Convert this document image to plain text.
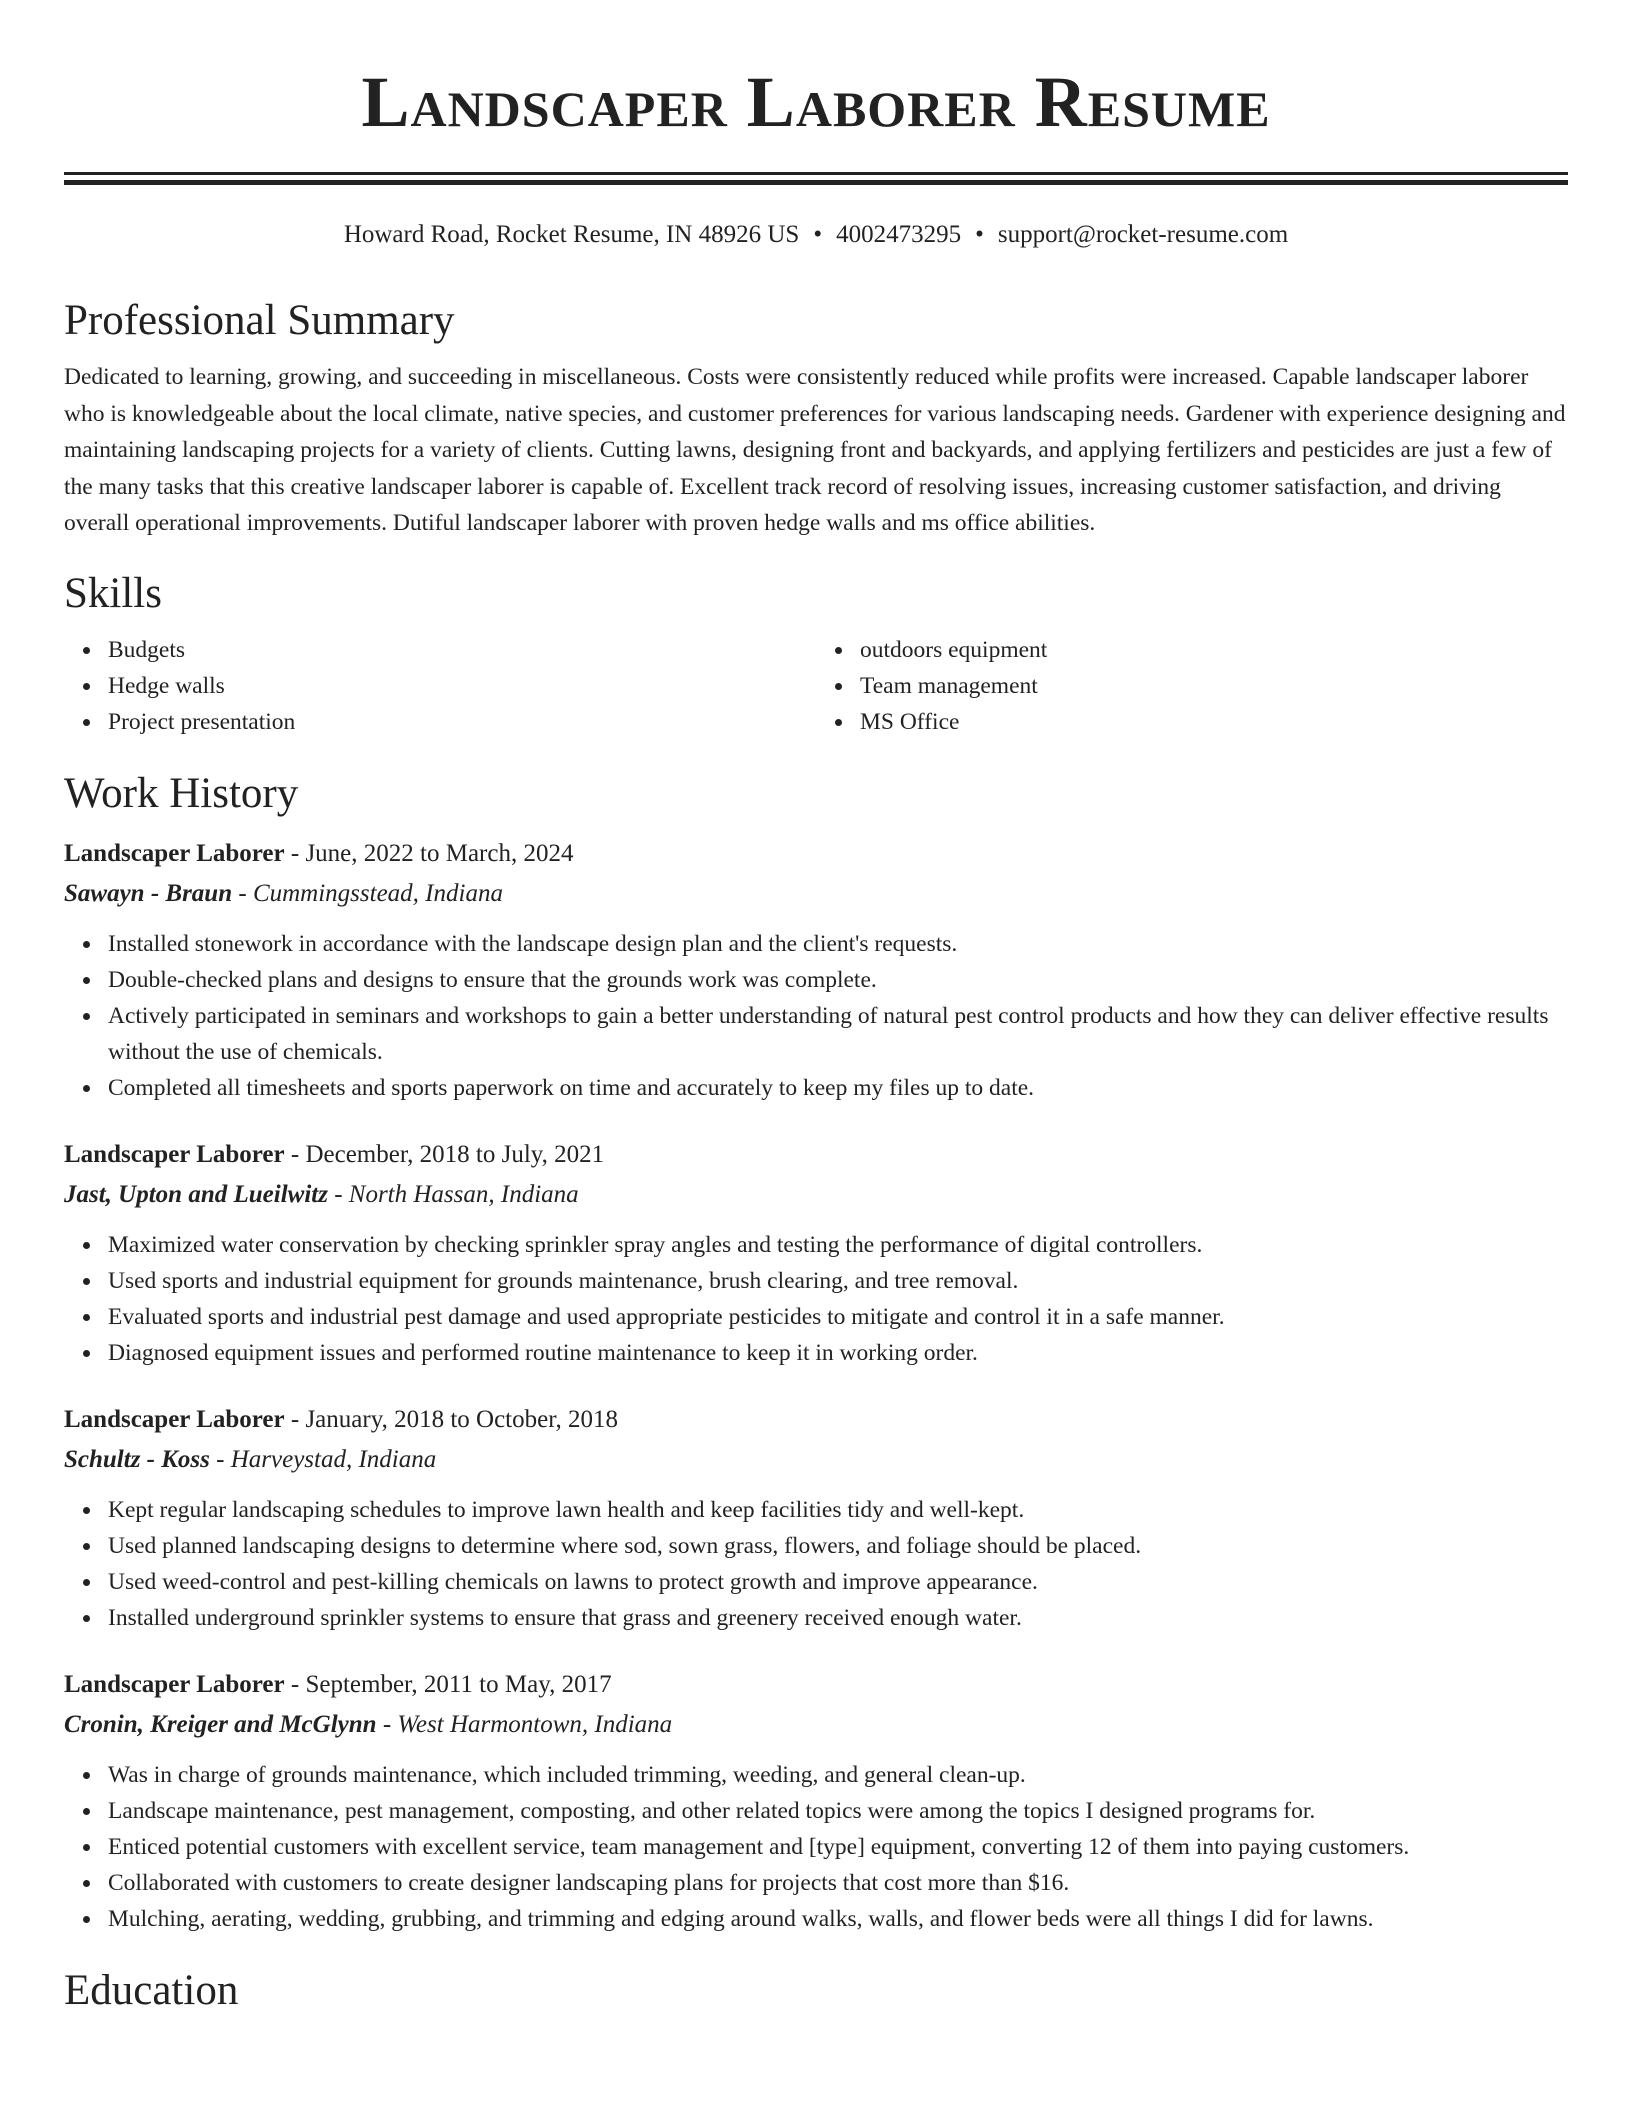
Landscaper Laborer Resume
Howard Road, Rocket Resume, IN 48926 US • 4002473295 • support@rocket-resume.com
Professional Summary

Dedicated to learning, growing, and succeeding in miscellaneous. Costs were consistently reduced while profits were increased. Capable landscaper laborer who is knowledgeable about the local climate, native species, and customer preferences for various landscaping needs. Gardener with experience designing and maintaining landscaping projects for a variety of clients. Cutting lawns, designing front and backyards, and applying fertilizers and pesticides are just a few of the many tasks that this creative landscaper laborer is capable of. Excellent track record of resolving issues, increasing customer satisfaction, and driving overall operational improvements. Dutiful landscaper laborer with proven hedge walls and ms office abilities.

Skills
Budgets
Hedge walls
Project presentation
outdoors equipment
Team management
MS Office
Work History
Landscaper Laborer - June, 2022 to March, 2024
Sawayn - Braun - Cummingsstead, Indiana
Installed stonework in accordance with the landscape design plan and the client's requests.
Double-checked plans and designs to ensure that the grounds work was complete.
Actively participated in seminars and workshops to gain a better understanding of natural pest control products and how they can deliver effective results without the use of chemicals.
Completed all timesheets and sports paperwork on time and accurately to keep my files up to date.
Landscaper Laborer - December, 2018 to July, 2021
Jast, Upton and Lueilwitz - North Hassan, Indiana
Maximized water conservation by checking sprinkler spray angles and testing the performance of digital controllers.
Used sports and industrial equipment for grounds maintenance, brush clearing, and tree removal.
Evaluated sports and industrial pest damage and used appropriate pesticides to mitigate and control it in a safe manner.
Diagnosed equipment issues and performed routine maintenance to keep it in working order.
Landscaper Laborer - January, 2018 to October, 2018
Schultz - Koss - Harveystad, Indiana
Kept regular landscaping schedules to improve lawn health and keep facilities tidy and well-kept.
Used planned landscaping designs to determine where sod, sown grass, flowers, and foliage should be placed.
Used weed-control and pest-killing chemicals on lawns to protect growth and improve appearance.
Installed underground sprinkler systems to ensure that grass and greenery received enough water.
Landscaper Laborer - September, 2011 to May, 2017
Cronin, Kreiger and McGlynn - West Harmontown, Indiana
Was in charge of grounds maintenance, which included trimming, weeding, and general clean-up.
Landscape maintenance, pest management, composting, and other related topics were among the topics I designed programs for.
Enticed potential customers with excellent service, team management and [type] equipment, converting 12 of them into paying customers.
Collaborated with customers to create designer landscaping plans for projects that cost more than $16.
Mulching, aerating, wedding, grubbing, and trimming and edging around walks, walls, and flower beds were all things I did for lawns.
Education
